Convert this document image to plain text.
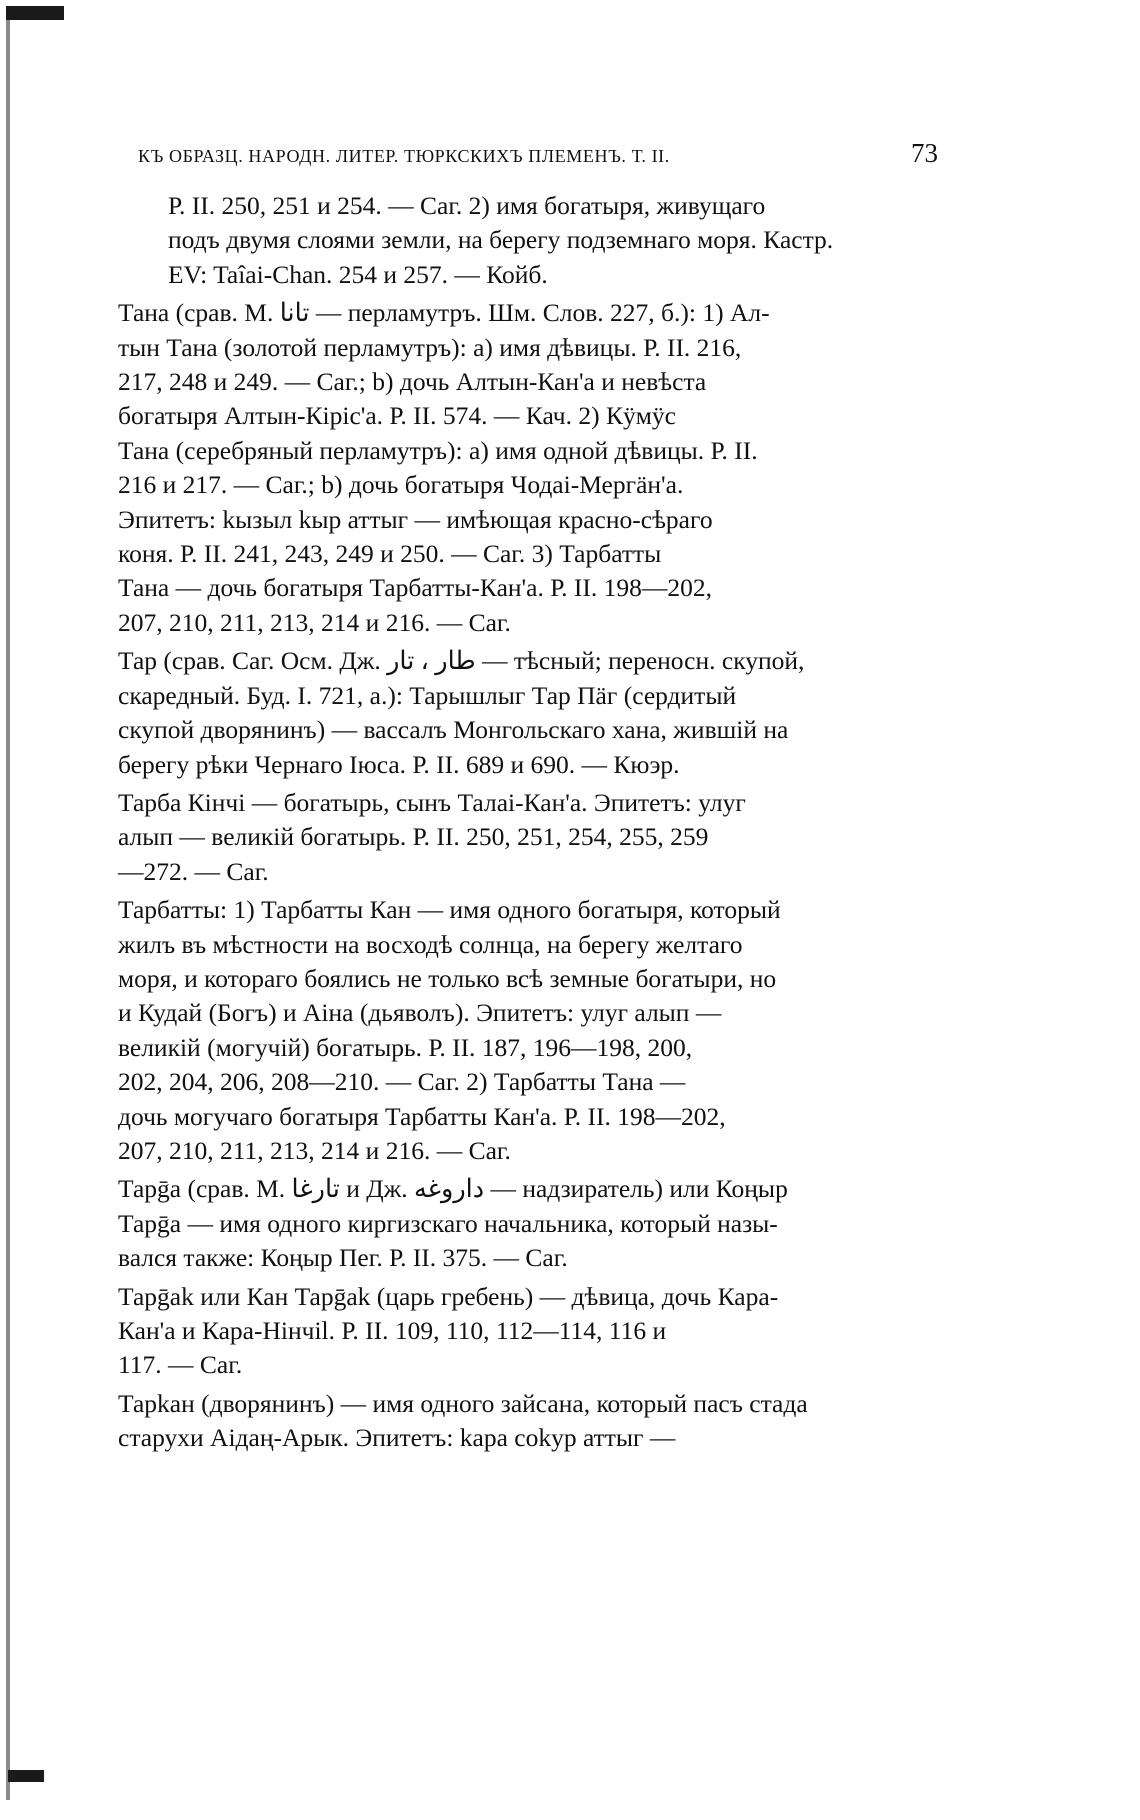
КЪ ОБРАЗЦ. НАРОДН. ЛИТЕР. ТЮРКСКИХЪ ПЛЕМЕНЪ. Т. II.	73
Р. II. 250, 251 и 254. — Саг. 2) имя богатыря, живущаго
подъ двумя слоями земли, на берегу подземнаго моря. Кастр.
EV: Taîai-Chan. 254 и 257. — Койб.
Тана (срав. М. ﺗﺎﻧﺎ — перламутръ. Шм. Слов. 227, б.): 1) Ал-
тын Тана (золотой перламутръ): a) имя дѣвицы. Р. II. 216,
217, 248 и 249. — Саг.; b) дочь Алтын-Кан'а и невѣста
богатыря Алтын-Кіріс'а. Р. II. 574. — Кач. 2) Кӱмӱс
Тана (серебряный перламутръ): a) имя одной дѣвицы. Р. II.
216 и 217. — Саг.; b) дочь богатыря Чодаі-Мергäн'а.
Эпитетъ: kызыл kыр аттыг — имѣющая красно-сѣраго
коня. Р. II. 241, 243, 249 и 250. — Саг. 3) Тарбатты
Тана — дочь богатыря Тарбатты-Кан'а. Р. II. 198—202,
207, 210, 211, 213, 214 и 216. — Саг.
Тар (срав. Саг. Осм. Дж. ﻃﺎﺭ ، ﺗﺎﺭ — тѣсный; переносн. скупой,
скаредный. Буд. I. 721, а.): Тарышлыг Тар Пäг (сердитый
скупой дворянинъ) — вассалъ Монгольскаго хана, жившій на
берегу рѣки Чернаго Іюса. Р. II. 689 и 690. — Кюэр.
Тарба Кінчі — богатырь, сынъ Талаі-Кан'а. Эпитетъ: улуг
алып — великій богатырь. Р. II. 250, 251, 254, 255, 259
—272. — Саг.
Тарбатты: 1) Тарбатты Кан — имя одного богатыря, который
жилъ въ мѣстности на восходѣ солнца, на берегу желтаго
моря, и котораго боялись не только всѣ земные богатыри, но
и Кудай (Богъ) и Аіна (дьяволъ). Эпитетъ: улуг алып —
великій (могучій) богатырь. Р. II. 187, 196—198, 200,
202, 204, 206, 208—210. — Саг. 2) Тарбатты Тана —
дочь могучаго богатыря Тарбатты Кан'а. Р. II. 198—202,
207, 210, 211, 213, 214 и 216. — Саг.
Тарḡа (срав. М. ﺗﺎﺭﻏﺎ и Дж. ﺩﺍﺭﻭﻏﻪ — надзиратель) или Коңыр
Тарḡа — имя одного киргизскаго начальника, который назы-
вался также: Коңыр Пег. Р. II. 375. — Саг.
Тарḡаk или Кан Тарḡаk (царь гребень) — дѣвица, дочь Кара-
Кан'а и Кара-Нінчіl. Р. II. 109, 110, 112—114, 116 и
117. — Саг.
Тарkан (дворянинъ) — имя одного зайсана, который пасъ стада
старухи Аідаң-Арык. Эпитетъ: kара соkур аттыг —
